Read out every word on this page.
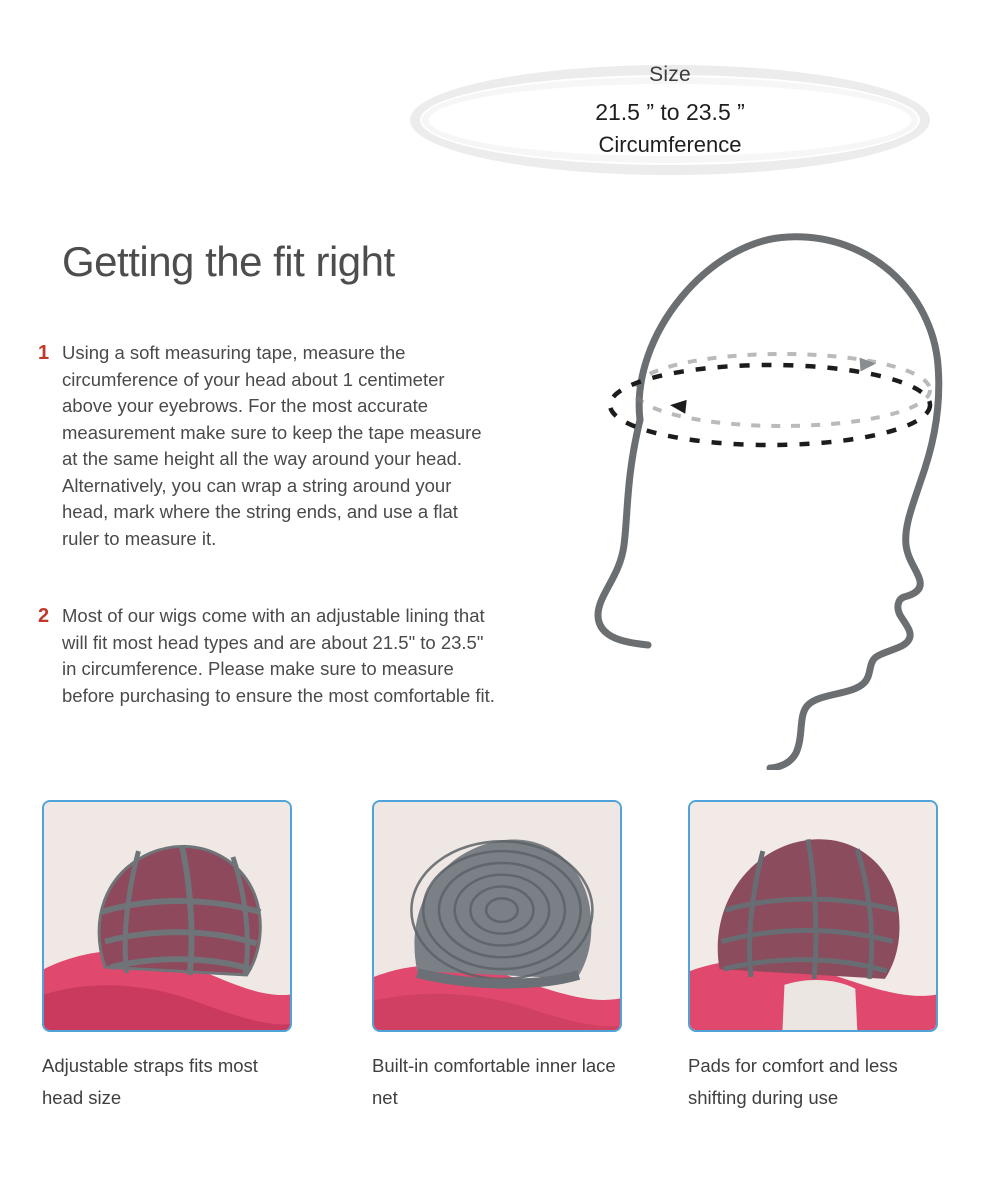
Size
21.5 ” to 23.5 ”
Circumference
Getting the fit right
1 Using a soft measuring tape, measure the circumference of your head about 1 centimeter above your eyebrows. For the most accurate measurement make sure to keep the tape measure at the same height all the way around your head. Alternatively, you can wrap a string around your head, mark where the string ends, and use a flat ruler to measure it.
2 Most of our wigs come with an adjustable lining that will fit most head types and are about 21.5" to 23.5" in circumference. Please make sure to measure before purchasing to ensure the most comfortable fit.
Adjustable straps fits most head size
Built-in comfortable inner lace net
Pads for comfort and less shifting during use
